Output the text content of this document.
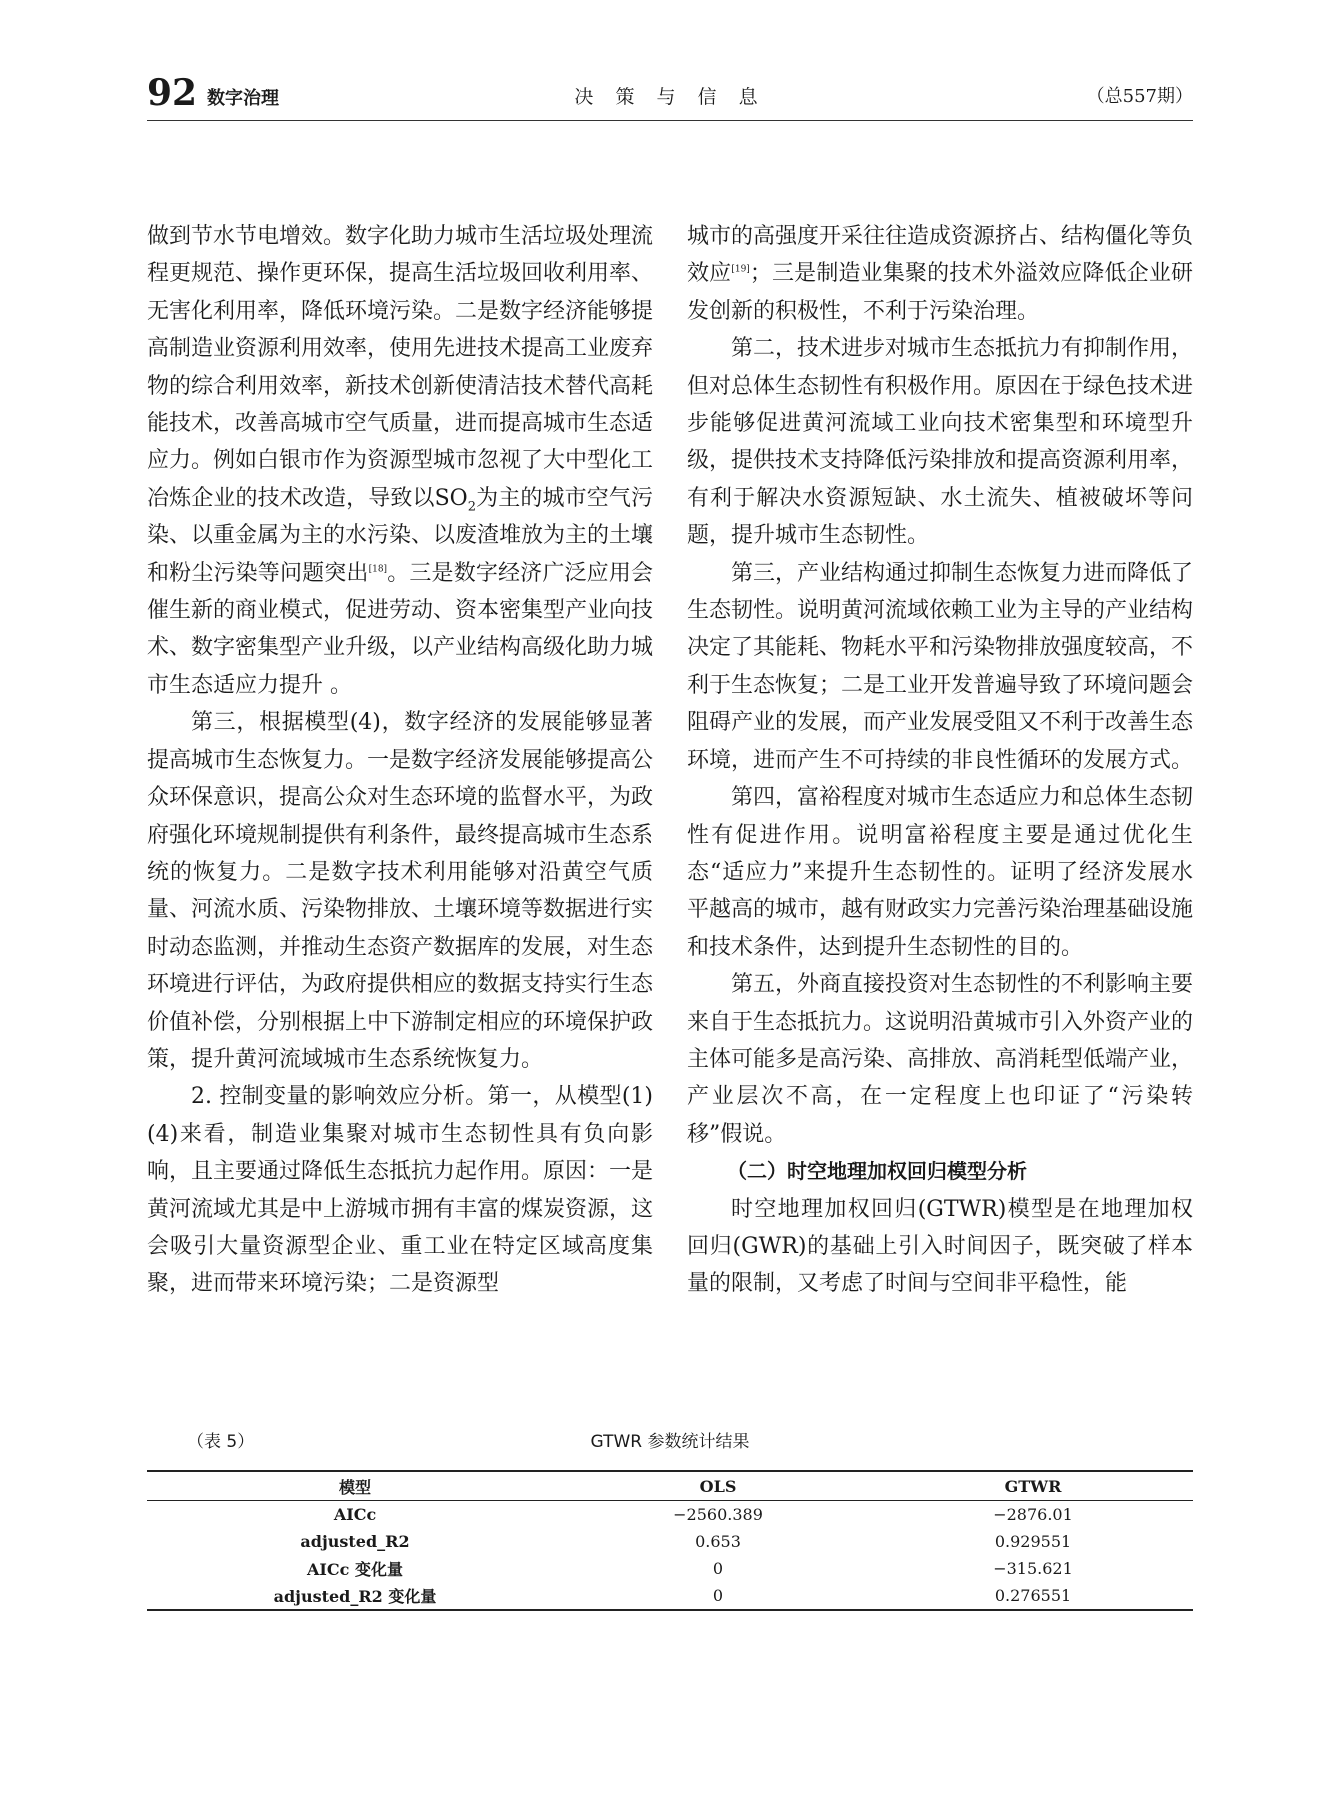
92 数字治理	决 策 与 信 息	（总557期）

做到节水节电增效。数字化助力城市生活垃圾处理流程更规范、操作更环保，提高生活垃圾回收利用率、无害化利用率，降低环境污染。二是数字经济能够提高制造业资源利用效率，使用先进技术提高工业废弃物的综合利用效率，新技术创新使清洁技术替代高耗能技术，改善高城市空气质量，进而提高城市生态适应力。例如白银市作为资源型城市忽视了大中型化工冶炼企业的技术改造，导致以$SO_2$为主的城市空气污染、以重金属为主的水污染、以废渣堆放为主的土壤和粉尘污染等问题突出[18]。三是数字经济广泛应用会催生新的商业模式，促进劳动、资本密集型产业向技术、数字密集型产业升级，以产业结构高级化助力城市生态适应力提升 。

第三，根据模型(4)，数字经济的发展能够显著提高城市生态恢复力。一是数字经济发展能够提高公众环保意识，提高公众对生态环境的监督水平，为政府强化环境规制提供有利条件，最终提高城市生态系统的恢复力。二是数字技术利用能够对沿黄空气质量、河流水质、污染物排放、土壤环境等数据进行实时动态监测，并推动生态资产数据库的发展，对生态环境进行评估，为政府提供相应的数据支持实行生态价值补偿，分别根据上中下游制定相应的环境保护政策，提升黄河流域城市生态系统恢复力。

2. 控制变量的影响效应分析。第一，从模型(1)(4)来看，制造业集聚对城市生态韧性具有负向影响，且主要通过降低生态抵抗力起作用。原因：一是黄河流域尤其是中上游城市拥有丰富的煤炭资源，这会吸引大量资源型企业、重工业在特定区域高度集聚，进而带来环境污染；二是资源型

城市的高强度开采往往造成资源挤占、结构僵化等负效应[19]；三是制造业集聚的技术外溢效应降低企业研发创新的积极性，不利于污染治理。

第二，技术进步对城市生态抵抗力有抑制作用，但对总体生态韧性有积极作用。原因在于绿色技术进步能够促进黄河流域工业向技术密集型和环境型升级，提供技术支持降低污染排放和提高资源利用率，有利于解决水资源短缺、水土流失、植被破坏等问题，提升城市生态韧性。

第三，产业结构通过抑制生态恢复力进而降低了生态韧性。说明黄河流域依赖工业为主导的产业结构决定了其能耗、物耗水平和污染物排放强度较高，不利于生态恢复；二是工业开发普遍导致了环境问题会阻碍产业的发展，而产业发展受阻又不利于改善生态环境，进而产生不可持续的非良性循环的发展方式。

第四，富裕程度对城市生态适应力和总体生态韧性有促进作用。说明富裕程度主要是通过优化生态“适应力”来提升生态韧性的。证明了经济发展水平越高的城市，越有财政实力完善污染治理基础设施和技术条件，达到提升生态韧性的目的。

第五，外商直接投资对生态韧性的不利影响主要来自于生态抵抗力。这说明沿黄城市引入外资产业的主体可能多是高污染、高排放、高消耗型低端产业，产业层次不高，在一定程度上也印证了“污染转移”假说。

（二）时空地理加权回归模型分析

时空地理加权回归(GTWR)模型是在地理加权回归(GWR)的基础上引入时间因子，既突破了样本量的限制，又考虑了时间与空间非平稳性，能

（表 5）	GTWR 参数统计结果
模型	OLS	GTWR
AICc	−2560.389	−2876.01
adjusted_R2	0.653	0.929551
AICc 变化量	0	−315.621
adjusted_R2 变化量	0	0.276551
